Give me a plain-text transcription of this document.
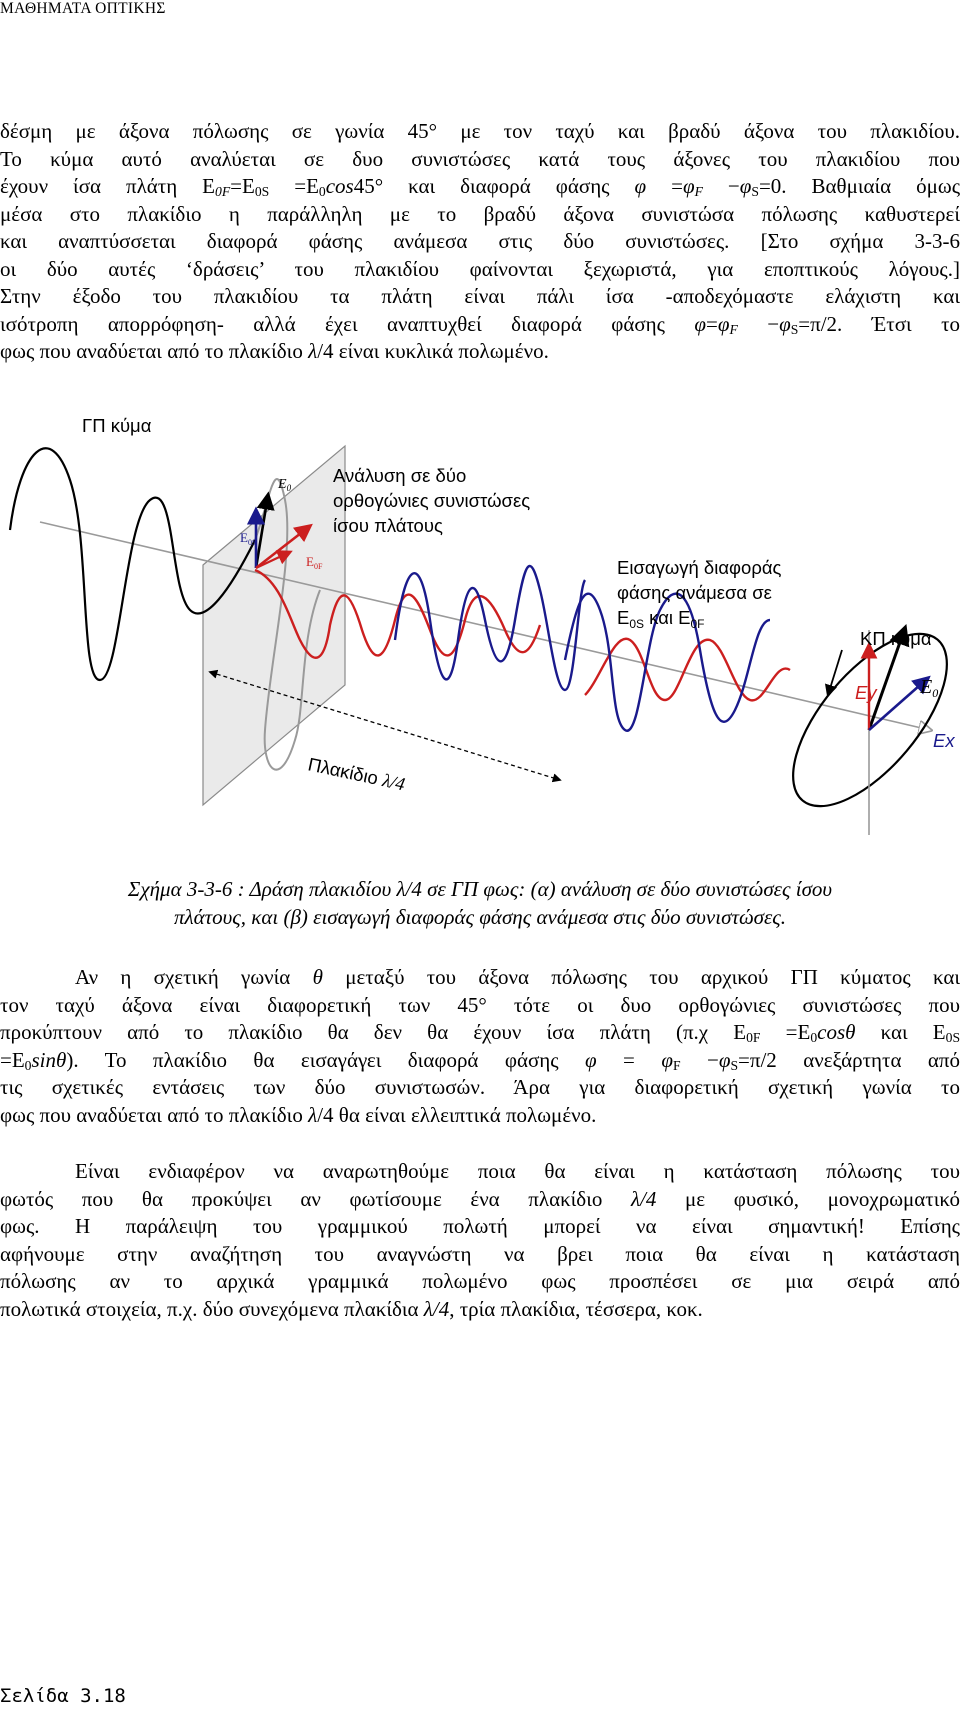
ΜΑΘΗΜΑΤΑ ΟΠΤΙΚΗΣ
δέσμη με άξονα πόλωσης σε γωνία 45° με τον ταχύ και βραδύ άξονα του πλακιδίου.
Το κύμα αυτό αναλύεται σε δυο συνιστώσες κατά τους άξονες του πλακιδίου που
έχουν ίσα πλάτη $E_{0F}=E_{0S} =E_0\cos 45^\circ$ και διαφορά φάσης $\varphi =\varphi_F -\varphi_S=0$. Βαθμιαία όμως
μέσα στο πλακίδιο η παράλληλη με το βραδύ άξονα συνιστώσα πόλωσης καθυστερεί
και αναπτύσσεται διαφορά φάσης ανάμεσα στις δύο συνιστώσες. [Στο σχήμα 3-3-6
οι δύο αυτές ‘δράσεις’ του πλακιδίου φαίνονται ξεχωριστά, για εποπτικούς λόγους.]
Στην έξοδο του πλακιδίου τα πλάτη είναι πάλι ίσα -αποδεχόμαστε ελάχιστη και
ισότροπη απορρόφηση- αλλά έχει αναπτυχθεί διαφορά φάσης $\varphi=\varphi_F -\varphi_S=\pi/2$. Έτσι το
φως που αναδύεται από το πλακίδιο λ/4 είναι κυκλικά πολωμένο.
ΓΠ κύμα
Ανάλυση σε δύο
ορθογώνιες συνιστώσες
ίσου πλάτους
Εισαγωγή διαφοράς
φάσης ανάμεσα σε
$E_{0S}$ και $E_{0F}$
ΚΠ κύμα
Πλακίδιο λ/4
$E_0$
$E_{0S}$
$E_{0F}$
Ey $E_0$
Ex
Σχήμα 3-3-6 : Δράση πλακιδίου λ/4 σε ΓΠ φως: (α) ανάλυση σε δύο συνιστώσες ίσου
πλάτους, και (β) εισαγωγή διαφοράς φάσης ανάμεσα στις δύο συνιστώσες.
Αν η σχετική γωνία θ μεταξύ του άξονα πόλωσης του αρχικού ΓΠ κύματος και
τον ταχύ άξονα είναι διαφορετική των 45° τότε οι δυο ορθογώνιες συνιστώσες που
προκύπτουν από το πλακίδιο θα δεν θα έχουν ίσα πλάτη (π.χ $E_{0F} =E_0\cos\theta$ και $E_{0S}$
$=E_0\sin\theta$). Το πλακίδιο θα εισαγάγει διαφορά φάσης $\varphi = \varphi_F -\varphi_S=\pi/2$ ανεξάρτητα από
τις σχετικές εντάσεις των δύο συνιστωσών. Άρα για διαφορετική σχετική γωνία το
φως που αναδύεται από το πλακίδιο λ/4 θα είναι ελλειπτικά πολωμένο.
Είναι ενδιαφέρον να αναρωτηθούμε ποια θα είναι η κατάσταση πόλωσης του
φωτός που θα προκύψει αν φωτίσουμε ένα πλακίδιο λ/4 με φυσικό, μονοχρωματικό
φως. Η παράλειψη του γραμμικού πολωτή μπορεί να είναι σημαντική! Επίσης
αφήνουμε στην αναζήτηση του αναγνώστη να βρει ποια θα είναι η κατάσταση
πόλωσης αν το αρχικά γραμμικά πολωμένο φως προσπέσει σε μια σειρά από
πολωτικά στοιχεία, π.χ. δύο συνεχόμενα πλακίδια λ/4, τρία πλακίδια, τέσσερα, κοκ.
Σελίδα 3.18
